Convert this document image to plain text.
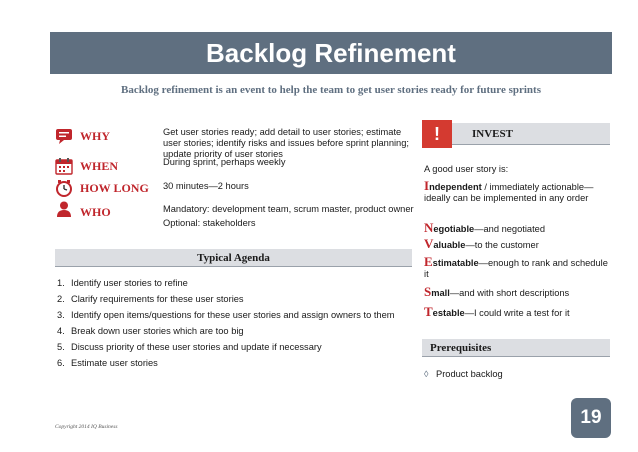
Backlog Refinement
Backlog refinement is an event to help the team to get user stories ready for future sprints
WHY	Get user stories ready; add detail to user stories; estimate user stories; identify risks and issues before sprint planning; update priority of user stories
WHEN	During sprint, perhaps weekly
HOW LONG 30 minutes—2 hours
WHO	Mandatory: development team, scrum master, product owner
Optional: stakeholders
Typical Agenda
1. Identify user stories to refine
2. Clarify requirements for these user stories
3. Identify open items/questions for these user stories and assign owners to them
4. Break down user stories which are too big
5. Discuss priority of these user stories and update if necessary
6. Estimate user stories
!	INVEST
A good user story is:
Independent / immediately actionable—ideally can be implemented in any order
Negotiable—and negotiated
Valuable—to the customer
Estimatable—enough to rank and schedule it
Small—and with short descriptions
Testable—I could write a test for it
Prerequisites
◊ Product backlog
Copyright 2014 IQ Business	19
